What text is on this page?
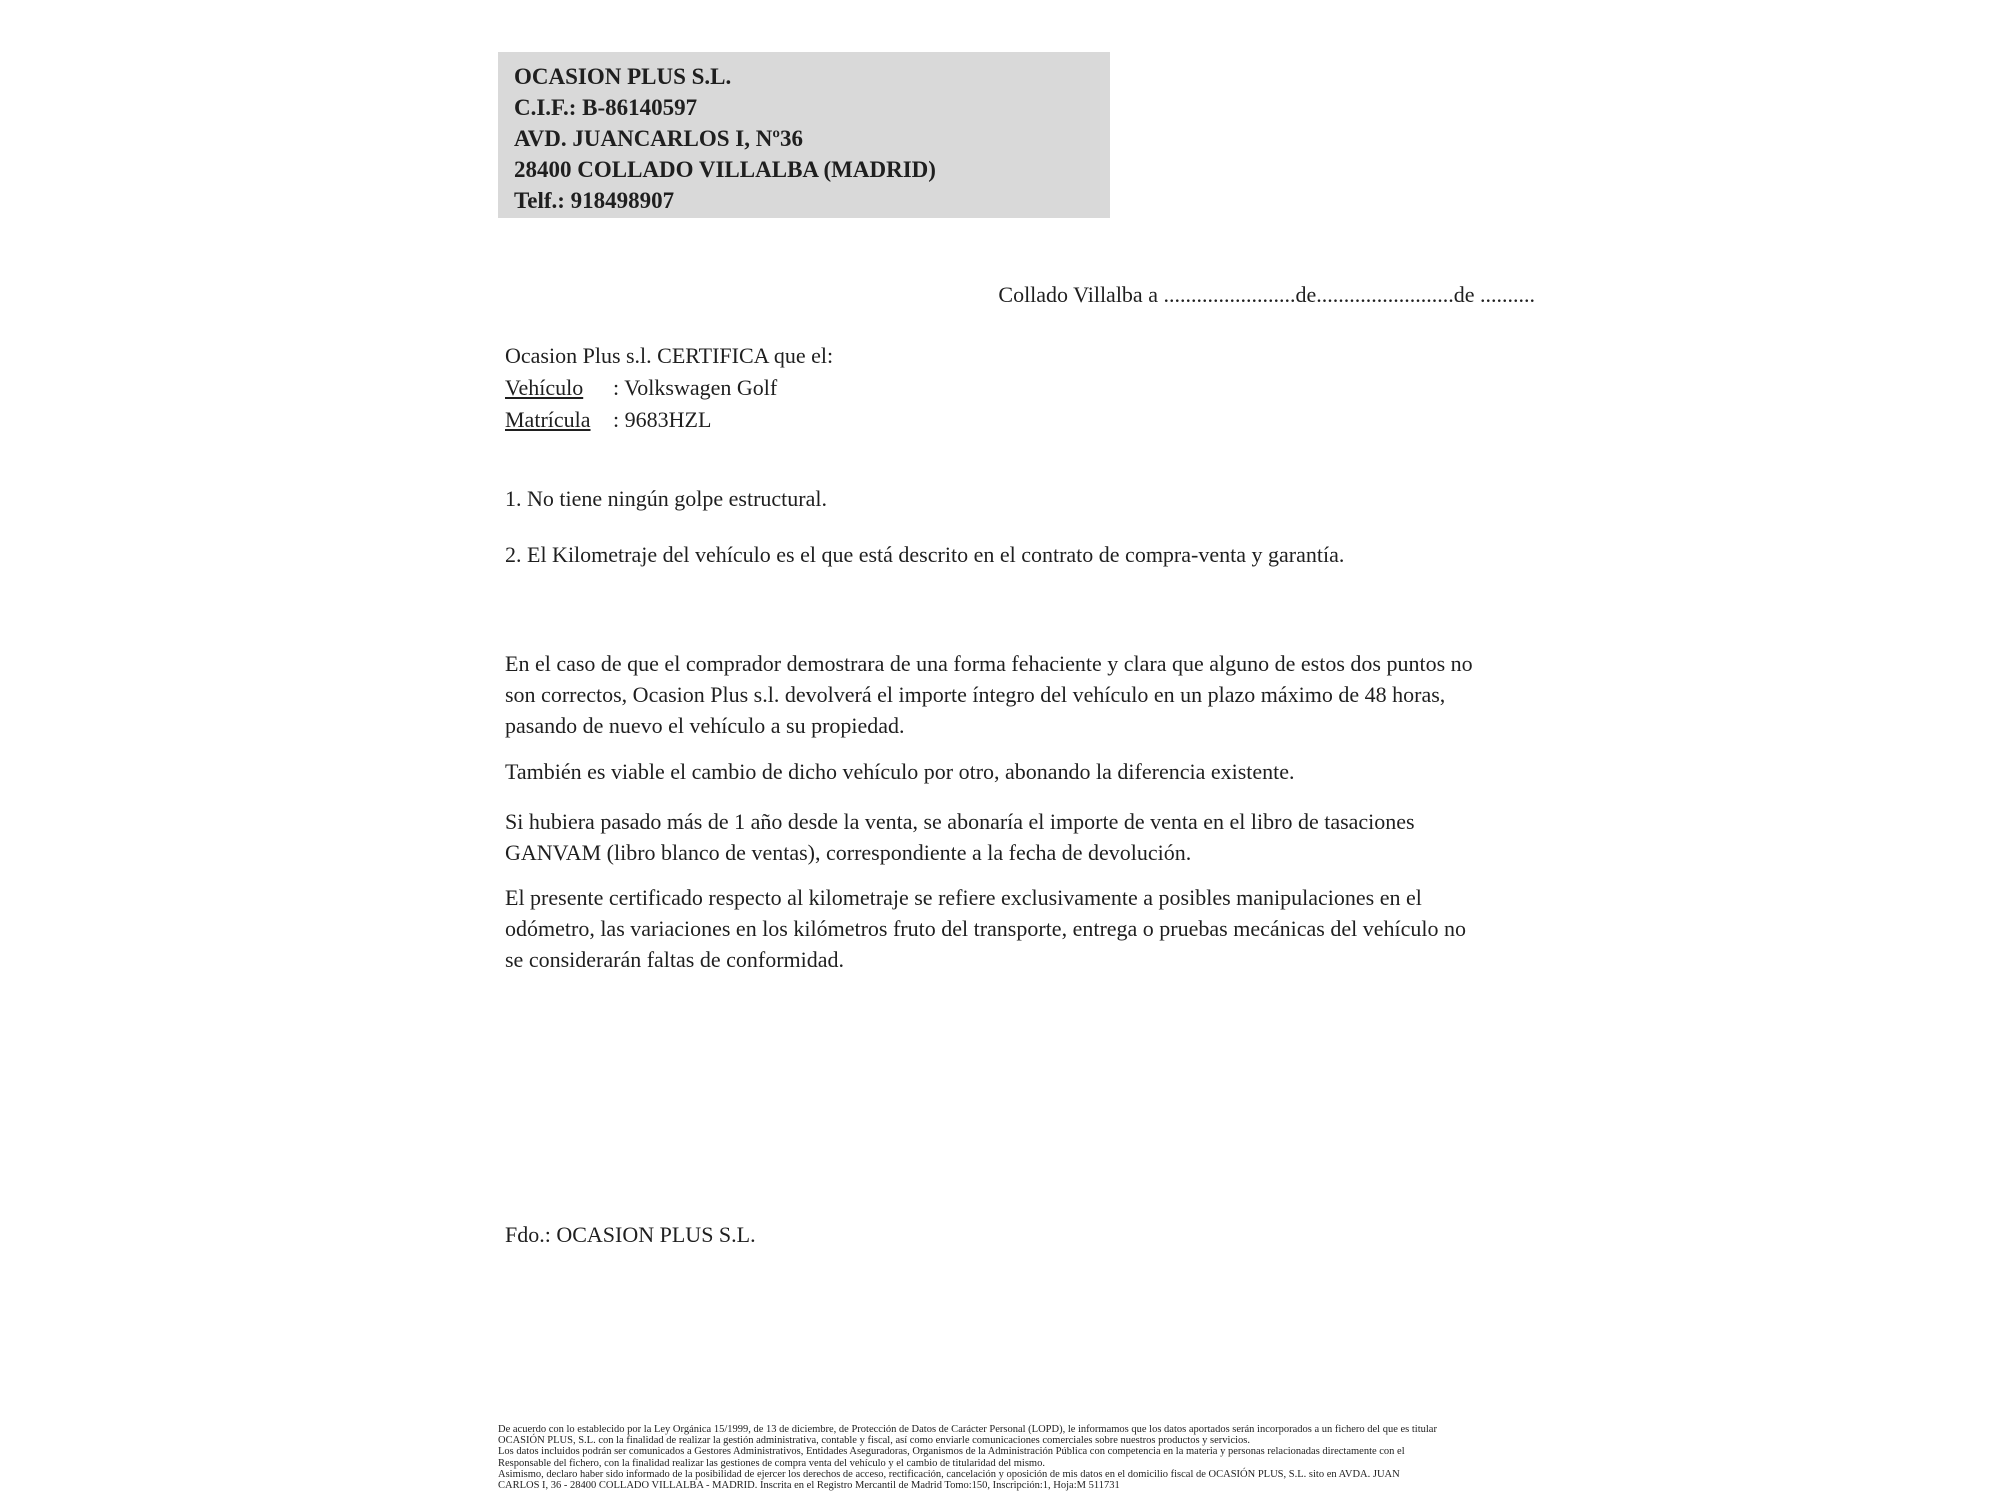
OCASION PLUS S.L.
C.I.F.: B-86140597
AVD. JUANCARLOS I, Nº36
28400 COLLADO VILLALBA (MADRID)
Telf.: 918498907
Collado Villalba a ........................de.........................de ..........
Ocasion Plus s.l. CERTIFICA que el:
Vehículo : Volkswagen Golf
Matrícula : 9683HZL
1. No tiene ningún golpe estructural.
2. El Kilometraje del vehículo es el que está descrito en el contrato de compra-venta y garantía.
En el caso de que el comprador demostrara de una forma fehaciente y clara que alguno de estos dos puntos no
son correctos, Ocasion Plus s.l. devolverá el importe íntegro del vehículo en un plazo máximo de 48 horas,
pasando de nuevo el vehículo a su propiedad.
También es viable el cambio de dicho vehículo por otro, abonando la diferencia existente.
Si hubiera pasado más de 1 año desde la venta, se abonaría el importe de venta en el libro de tasaciones
GANVAM (libro blanco de ventas), correspondiente a la fecha de devolución.
El presente certificado respecto al kilometraje se refiere exclusivamente a posibles manipulaciones en el
odómetro, las variaciones en los kilómetros fruto del transporte, entrega o pruebas mecánicas del vehículo no
se considerarán faltas de conformidad.
Fdo.: OCASION PLUS S.L.
De acuerdo con lo establecido por la Ley Orgánica 15/1999, de 13 de diciembre, de Protección de Datos de Carácter Personal (LOPD), le informamos que los datos aportados serán incorporados a un fichero del que es titular
OCASIÓN PLUS, S.L. con la finalidad de realizar la gestión administrativa, contable y fiscal, así como enviarle comunicaciones comerciales sobre nuestros productos y servicios.
Los datos incluidos podrán ser comunicados a Gestores Administrativos, Entidades Aseguradoras, Organismos de la Administración Pública con competencia en la materia y personas relacionadas directamente con el
Responsable del fichero, con la finalidad realizar las gestiones de compra venta del vehículo y el cambio de titularidad del mismo.
Asimismo, declaro haber sido informado de la posibilidad de ejercer los derechos de acceso, rectificación, cancelación y oposición de mis datos en el domicilio fiscal de OCASIÓN PLUS, S.L. sito en AVDA. JUAN
CARLOS I, 36 - 28400 COLLADO VILLALBA - MADRID. Inscrita en el Registro Mercantil de Madrid Tomo:150, Inscripción:1, Hoja:M 511731
